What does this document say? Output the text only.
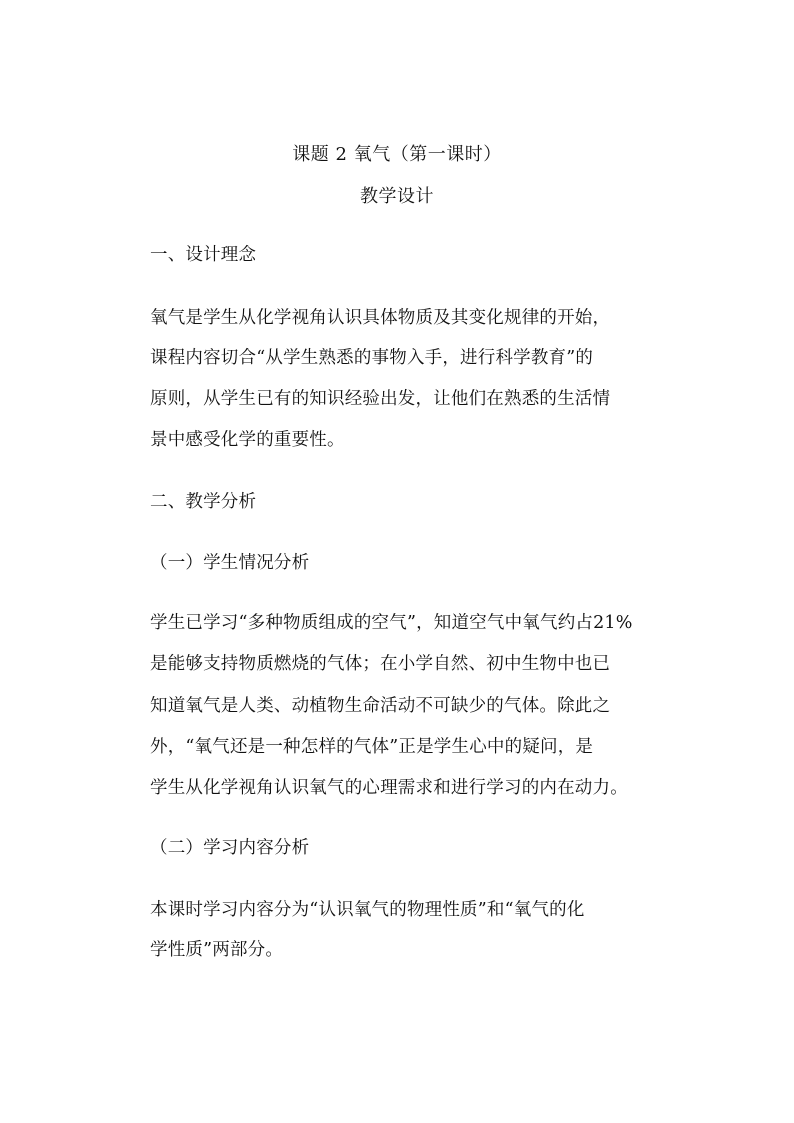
课题 2 氧气（第一课时）
教学设计
一、设计理念
氧气是学生从化学视角认识具体物质及其变化规律的开始，
课程内容切合“从学生熟悉的事物入手，进行科学教育”的
原则，从学生已有的知识经验出发，让他们在熟悉的生活情
景中感受化学的重要性。
二、教学分析
（一）学生情况分析
学生已学习“多种物质组成的空气”，知道空气中氧气约占21%
是能够支持物质燃烧的气体；在小学自然、初中生物中也已
知道氧气是人类、动植物生命活动不可缺少的气体。除此之
外，“氧气还是一种怎样的气体”正是学生心中的疑问，是
学生从化学视角认识氧气的心理需求和进行学习的内在动力。
（二）学习内容分析
本课时学习内容分为“认识氧气的物理性质”和“氧气的化
学性质”两部分。
